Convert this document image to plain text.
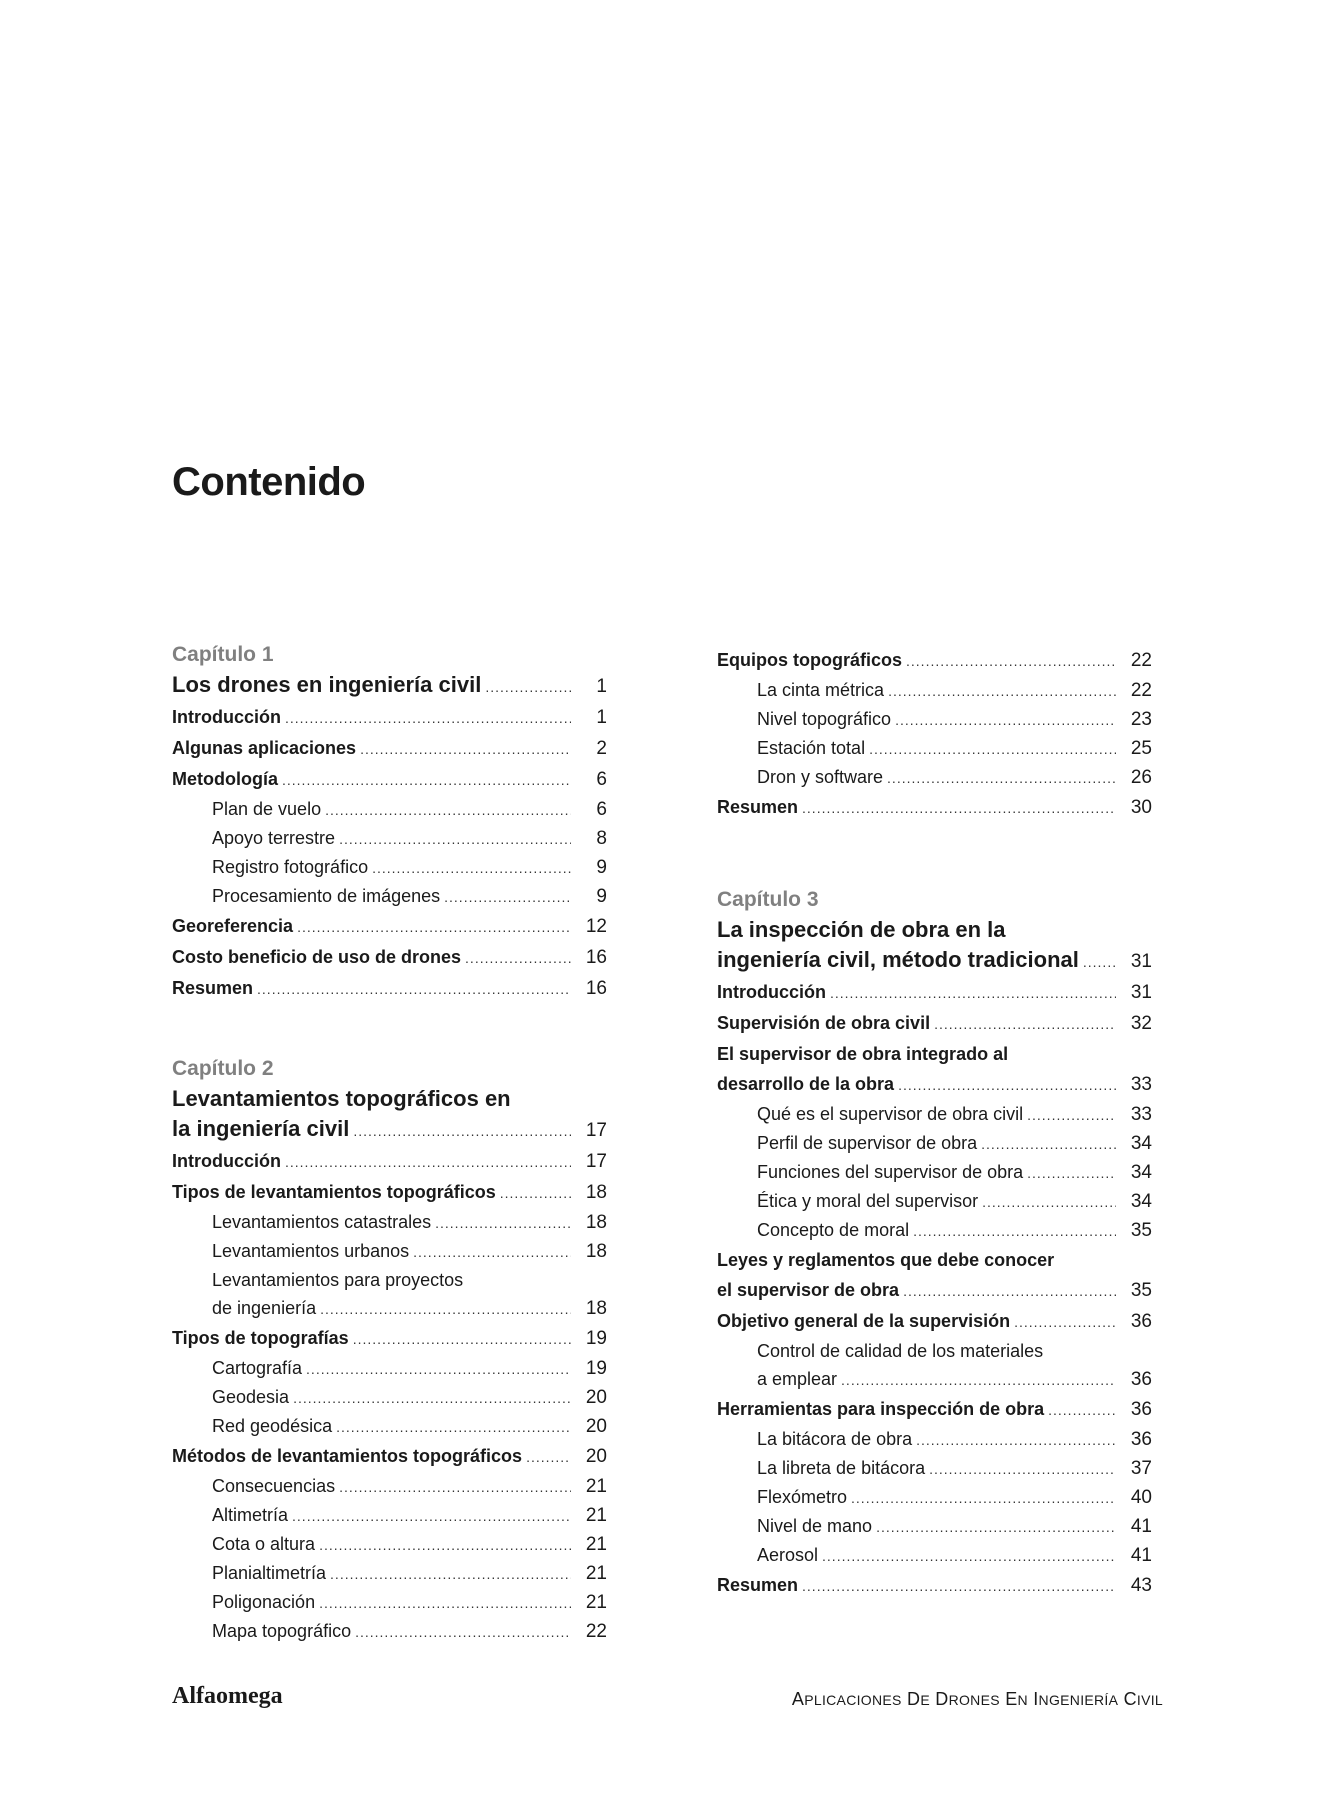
Contenido
Capítulo 1
Los drones en ingeniería civil .....	1
Introducción .....	1
Algunas aplicaciones .....	2
Metodología .....	6
Plan de vuelo .....	6
Apoyo terrestre .....	8
Registro fotográfico .....	9
Procesamiento de imágenes .....	9
Georeferencia .....	12
Costo beneficio de uso de drones .....	16
Resumen .....	16
Capítulo 2
Levantamientos topográficos en
la ingeniería civil .....	17
Introducción .....	17
Tipos de levantamientos topográficos .....	18
Levantamientos catastrales .....	18
Levantamientos urbanos .....	18
Levantamientos para proyectos
de ingeniería .....	18
Tipos de topografías .....	19
Cartografía .....	19
Geodesia .....	20
Red geodésica .....	20
Métodos de levantamientos topográficos .....	20
Consecuencias .....	21
Altimetría .....	21
Cota o altura .....	21
Planialtimetría .....	21
Poligonación .....	21
Mapa topográfico .....	22
Equipos topográficos .....	22
La cinta métrica .....	22
Nivel topográfico .....	23
Estación total .....	25
Dron y software .....	26
Resumen .....	30
Capítulo 3
La inspección de obra en la
ingeniería civil, método tradicional .....	31
Introducción .....	31
Supervisión de obra civil .....	32
El supervisor de obra integrado al
desarrollo de la obra .....	33
Qué es el supervisor de obra civil .....	33
Perfil de supervisor de obra .....	34
Funciones del supervisor de obra .....	34
Ética y moral del supervisor .....	34
Concepto de moral .....	35
Leyes y reglamentos que debe conocer
el supervisor de obra .....	35
Objetivo general de la supervisión .....	36
Control de calidad de los materiales
a emplear .....	36
Herramientas para inspección de obra .....	36
La bitácora de obra .....	36
La libreta de bitácora .....	37
Flexómetro .....	40
Nivel de mano .....	41
Aerosol .....	41
Resumen .....	43
Alfaomega	APLICACIONES DE DRONES EN INGENIERÍA CIVIL
